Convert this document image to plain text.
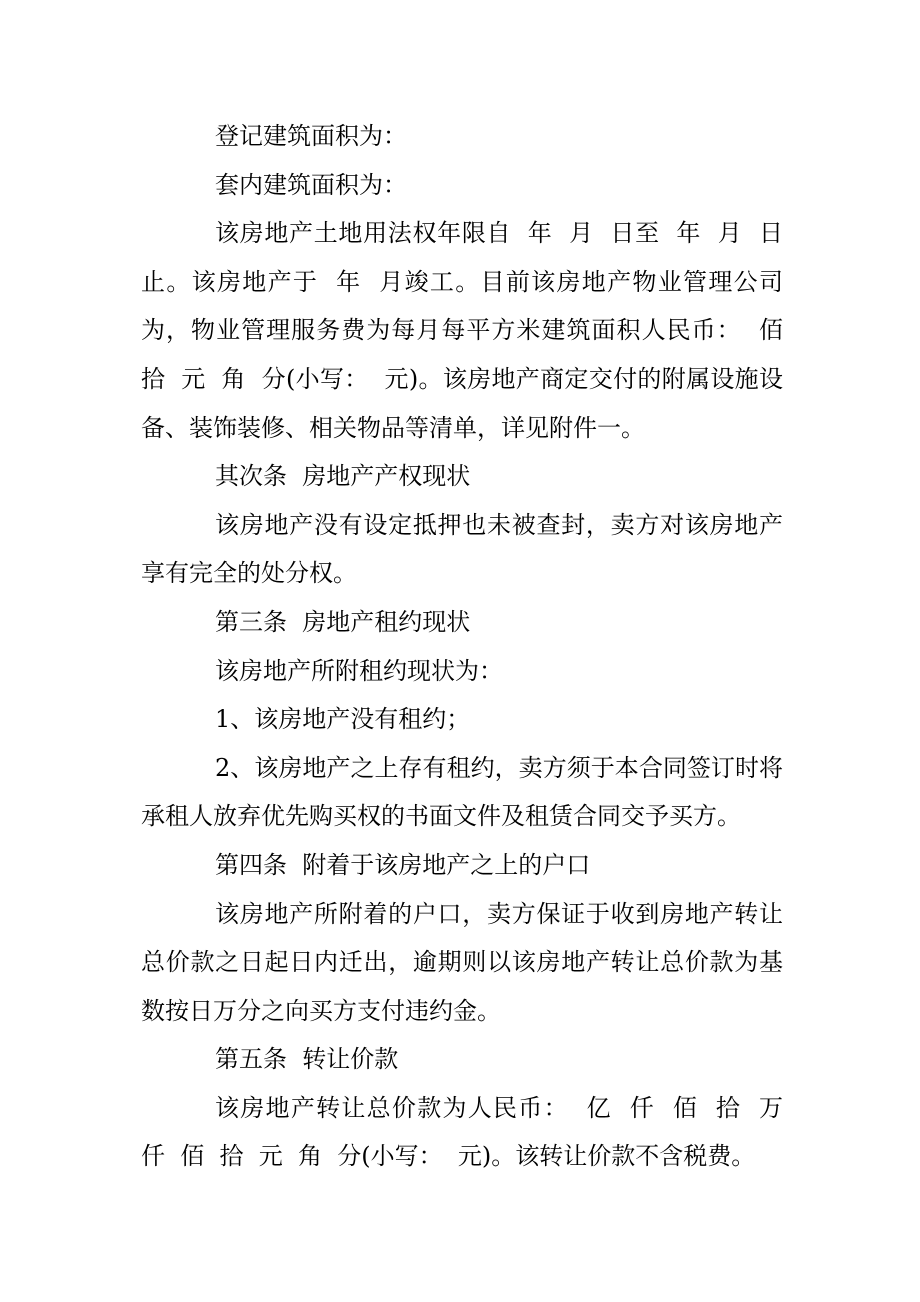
登记建筑面积为：

套内建筑面积为：

该房地产土地用法权年限自  年  月  日至  年  月  日止。该房地产于  年  月竣工。目前该房地产物业管理公司为，物业管理服务费为每月每平方米建筑面积人民币：  佰  拾  元  角  分(小写：  元)。该房地产商定交付的附属设施设备、装饰装修、相关物品等清单，详见附件一。

其次条  房地产产权现状

该房地产没有设定抵押也未被查封，卖方对该房地产享有完全的处分权。

第三条  房地产租约现状

该房地产所附租约现状为：

1、该房地产没有租约；

2、该房地产之上存有租约，卖方须于本合同签订时将承租人放弃优先购买权的书面文件及租赁合同交予买方。

第四条  附着于该房地产之上的户口

该房地产所附着的户口，卖方保证于收到房地产转让总价款之日起日内迁出，逾期则以该房地产转让总价款为基数按日万分之向买方支付违约金。

第五条  转让价款

该房地产转让总价款为人民币：  亿  仟  佰  拾  万  仟  佰  拾  元  角  分(小写：  元)。该转让价款不含税费。
